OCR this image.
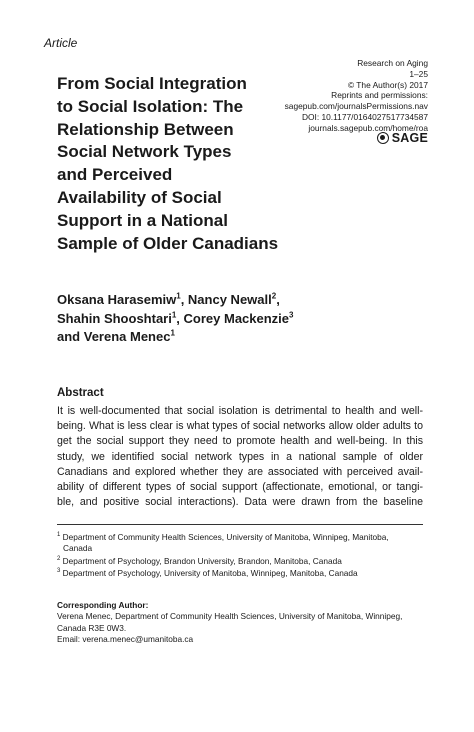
Article
Research on Aging
1–25
© The Author(s) 2017
Reprints and permissions:
sagepub.com/journalsPermissions.nav
DOI: 10.1177/0164027517734587
journals.sagepub.com/home/roa
SAGE
From Social Integration
to Social Isolation: The
Relationship Between
Social Network Types
and Perceived
Availability of Social
Support in a National
Sample of Older Canadians
Oksana Harasemiw$^1$, Nancy Newall$^2$,
Shahin Shooshtari$^1$, Corey Mackenzie$^3$
and Verena Menec$^1$
Abstract
It is well-documented that social isolation is detrimental to health and well-
being. What is less clear is what types of social networks allow older adults to
get the social support they need to promote health and well-being. In this
study, we identified social network types in a national sample of older
Canadians and explored whether they are associated with perceived avail-
ability of different types of social support (affectionate, emotional, or tangi-
ble, and positive social interactions). Data were drawn from the baseline
$^1$ Department of Community Health Sciences, University of Manitoba, Winnipeg, Manitoba,
Canada
$^2$ Department of Psychology, Brandon University, Brandon, Manitoba, Canada
$^3$ Department of Psychology, University of Manitoba, Winnipeg, Manitoba, Canada
Corresponding Author:
Verena Menec, Department of Community Health Sciences, University of Manitoba, Winnipeg,
Canada R3E 0W3.
Email: verena.menec@umanitoba.ca
